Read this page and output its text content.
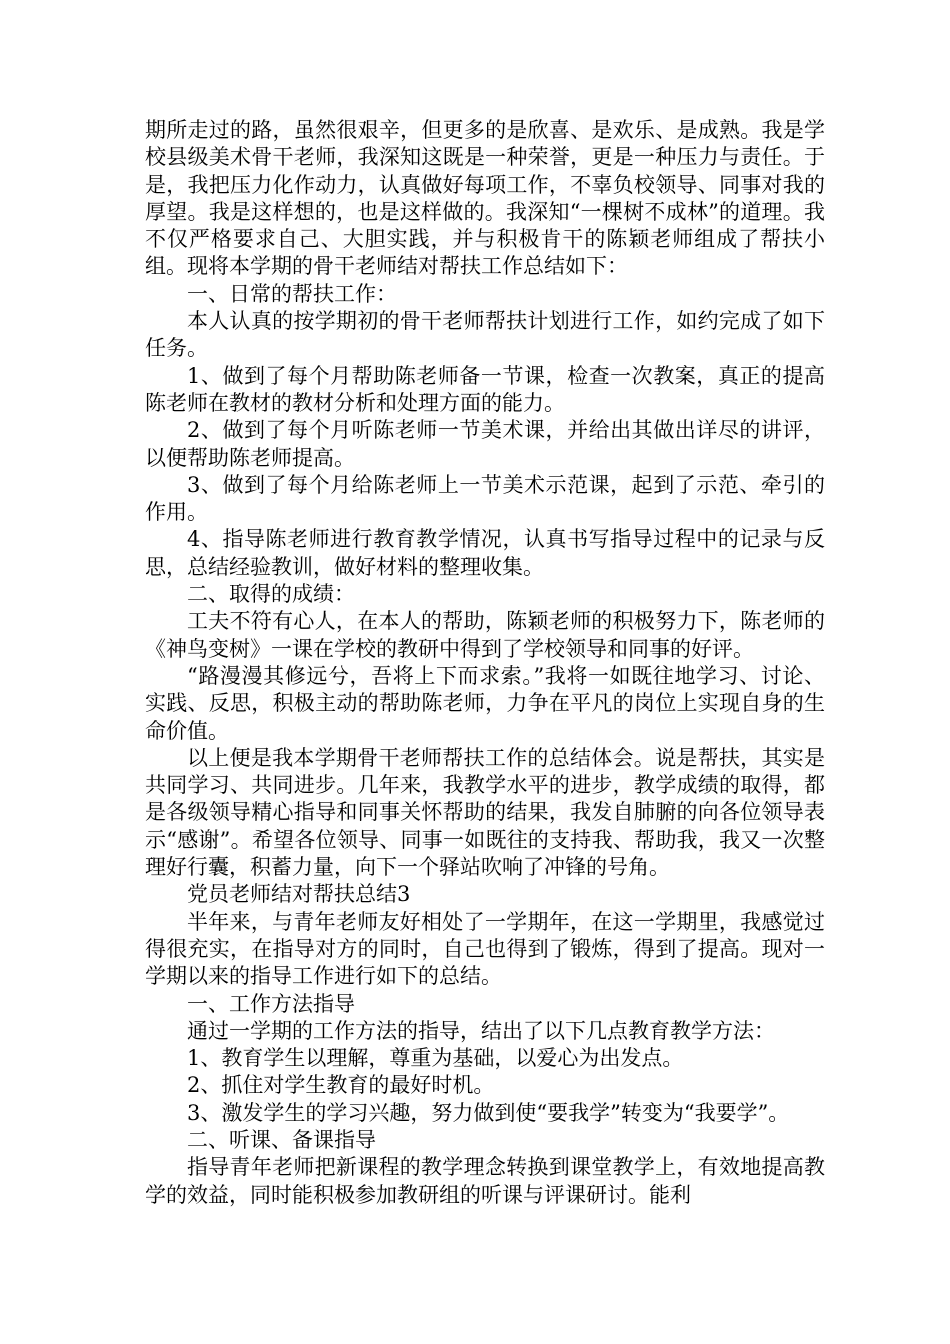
期所走过的路，虽然很艰辛，但更多的是欣喜、是欢乐、是成熟。我是学校县级美术骨干老师，我深知这既是一种荣誉，更是一种压力与责任。于是，我把压力化作动力，认真做好每项工作，不辜负校领导、同事对我的厚望。我是这样想的，也是这样做的。我深知“一棵树不成林”的道理。我不仅严格要求自己、大胆实践，并与积极肯干的陈颖老师组成了帮扶小组。现将本学期的骨干老师结对帮扶工作总结如下：

一、日常的帮扶工作：

本人认真的按学期初的骨干老师帮扶计划进行工作，如约完成了如下任务。

1、做到了每个月帮助陈老师备一节课，检查一次教案，真正的提高陈老师在教材的教材分析和处理方面的能力。

2、做到了每个月听陈老师一节美术课，并给出其做出详尽的讲评，以便帮助陈老师提高。

3、做到了每个月给陈老师上一节美术示范课，起到了示范、牵引的作用。

4、指导陈老师进行教育教学情况，认真书写指导过程中的记录与反思，总结经验教训，做好材料的整理收集。

二、取得的成绩：

工夫不符有心人，在本人的帮助，陈颖老师的积极努力下，陈老师的《神鸟变树》一课在学校的教研中得到了学校领导和同事的好评。

“路漫漫其修远兮，吾将上下而求索。”我将一如既往地学习、讨论、实践、反思，积极主动的帮助陈老师，力争在平凡的岗位上实现自身的生命价值。

以上便是我本学期骨干老师帮扶工作的总结体会。说是帮扶，其实是共同学习、共同进步。几年来，我教学水平的进步，教学成绩的取得，都是各级领导精心指导和同事关怀帮助的结果，我发自肺腑的向各位领导表示“感谢”。希望各位领导、同事一如既往的支持我、帮助我，我又一次整理好行囊，积蓄力量，向下一个驿站吹响了冲锋的号角。

党员老师结对帮扶总结3

半年来，与青年老师友好相处了一学期年，在这一学期里，我感觉过得很充实，在指导对方的同时，自己也得到了锻炼，得到了提高。现对一学期以来的指导工作进行如下的总结。

一、工作方法指导

通过一学期的工作方法的指导，结出了以下几点教育教学方法：

1、教育学生以理解，尊重为基础，以爱心为出发点。

2、抓住对学生教育的最好时机。

3、激发学生的学习兴趣，努力做到使“要我学”转变为“我要学”。

二、听课、备课指导

指导青年老师把新课程的教学理念转换到课堂教学上，有效地提高教学的效益，同时能积极参加教研组的听课与评课研讨。能利
